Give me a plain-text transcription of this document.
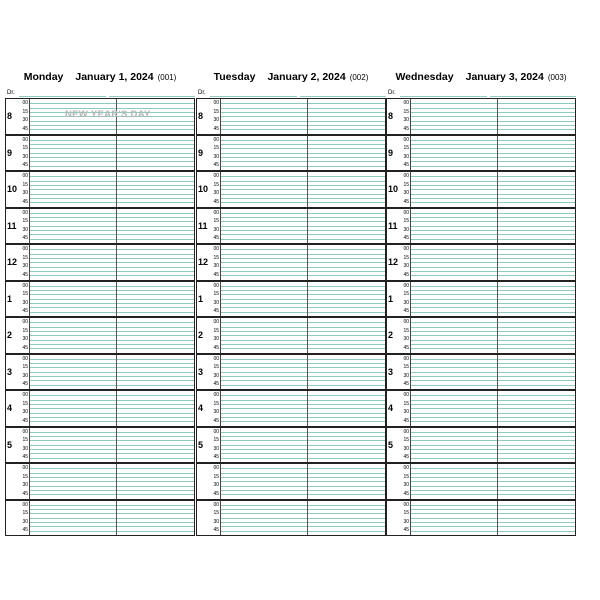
Monday January 1, 2024 (001)
Dr.
8
00
15
30
45
9
00
15
30
45
10
00
15
30
45
11
00
15
30
45
12
00
15
30
45
1
00
15
30
45
2
00
15
30
45
3
00
15
30
45
4
00
15
30
45
5
00
15
30
45
00
15
30
45
00
15
30
45
NEW YEAR'S DAY
Tuesday January 2, 2024 (002)
Dr.
8
00
15
30
45
9
00
15
30
45
10
00
15
30
45
11
00
15
30
45
12
00
15
30
45
1
00
15
30
45
2
00
15
30
45
3
00
15
30
45
4
00
15
30
45
5
00
15
30
45
00
15
30
45
00
15
30
45
Wednesday January 3, 2024 (003)
Dr.
8
00
15
30
45
9
00
15
30
45
10
00
15
30
45
11
00
15
30
45
12
00
15
30
45
1
00
15
30
45
2
00
15
30
45
3
00
15
30
45
4
00
15
30
45
5
00
15
30
45
00
15
30
45
00
15
30
45
